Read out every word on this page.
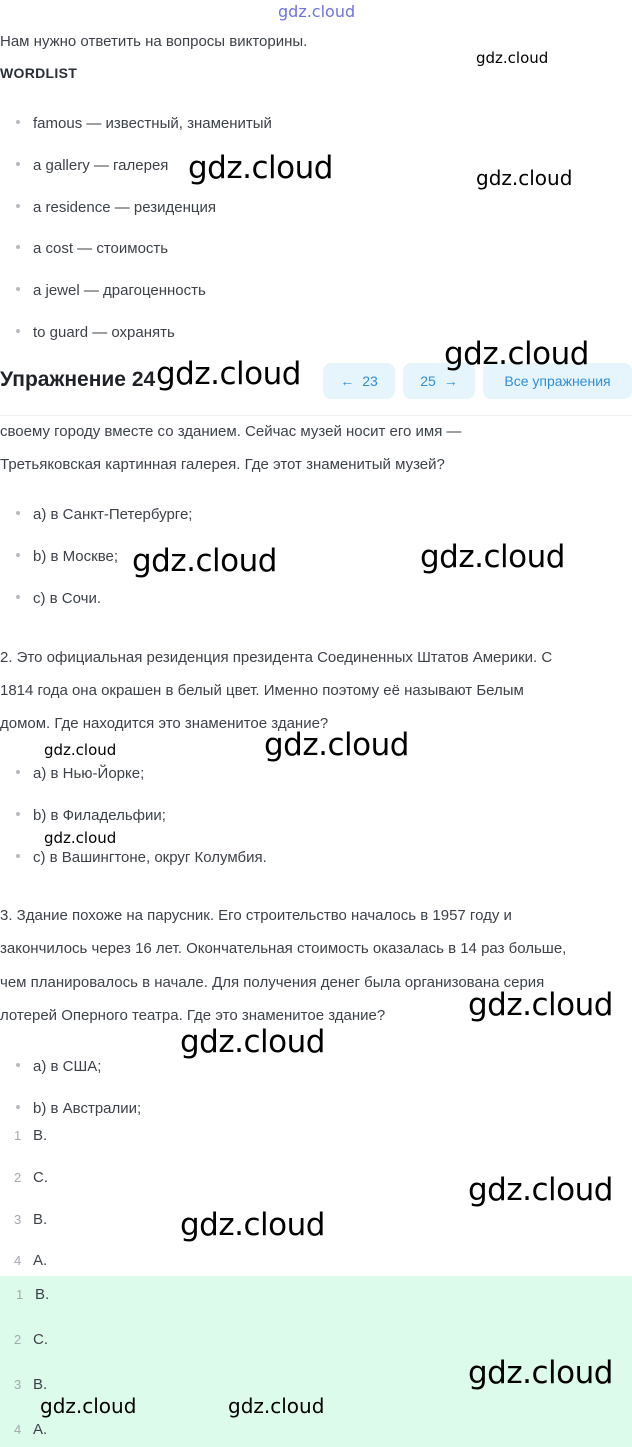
gdz.cloud
Нам нужно ответить на вопросы викторины.
WORDLIST
famous — известный, знаменитый
a gallery — галерея
a residence — резиденция
a cost — стоимость
a jewel — драгоценность
to guard — охранять
Упражнение 24	← 23	25 →	Все упражнения
своему городу вместе со зданием. Сейчас музей носит его имя —
Третьяковская картинная галерея. Где этот знаменитый музей?
a) в Санкт-Петербурге;
b) в Москве;
c) в Сочи.
2. Это официальная резиденция президента Соединенных Штатов Америки. С
1814 года она окрашен в белый цвет. Именно поэтому её называют Белым
домом. Где находится это знаменитое здание?
a) в Нью-Йорке;
b) в Филадельфии;
c) в Вашингтоне, округ Колумбия.
3. Здание похоже на парусник. Его строительство началось в 1957 году и
закончилось через 16 лет. Окончательная стоимость оказалась в 14 раз больше,
чем планировалось в начале. Для получения денег была организована серия
лотерей Оперного театра. Где это знаменитое здание?
a) в США;
b) в Австралии;
1 B.
2 C.
3 B.
4 A.
1 B.
2 C.
3 B.
4 A.
gdz.cloud
gdz.cloud	gdz.cloud
gdz.cloud
gdz.cloud
gdz.cloud	gdz.cloud
gdz.cloud	gdz.cloud
gdz.cloud
gdz.cloud
gdz.cloud
gdz.cloud
gdz.cloud
gdz.cloud
gdz.cloud	gdz.cloud
